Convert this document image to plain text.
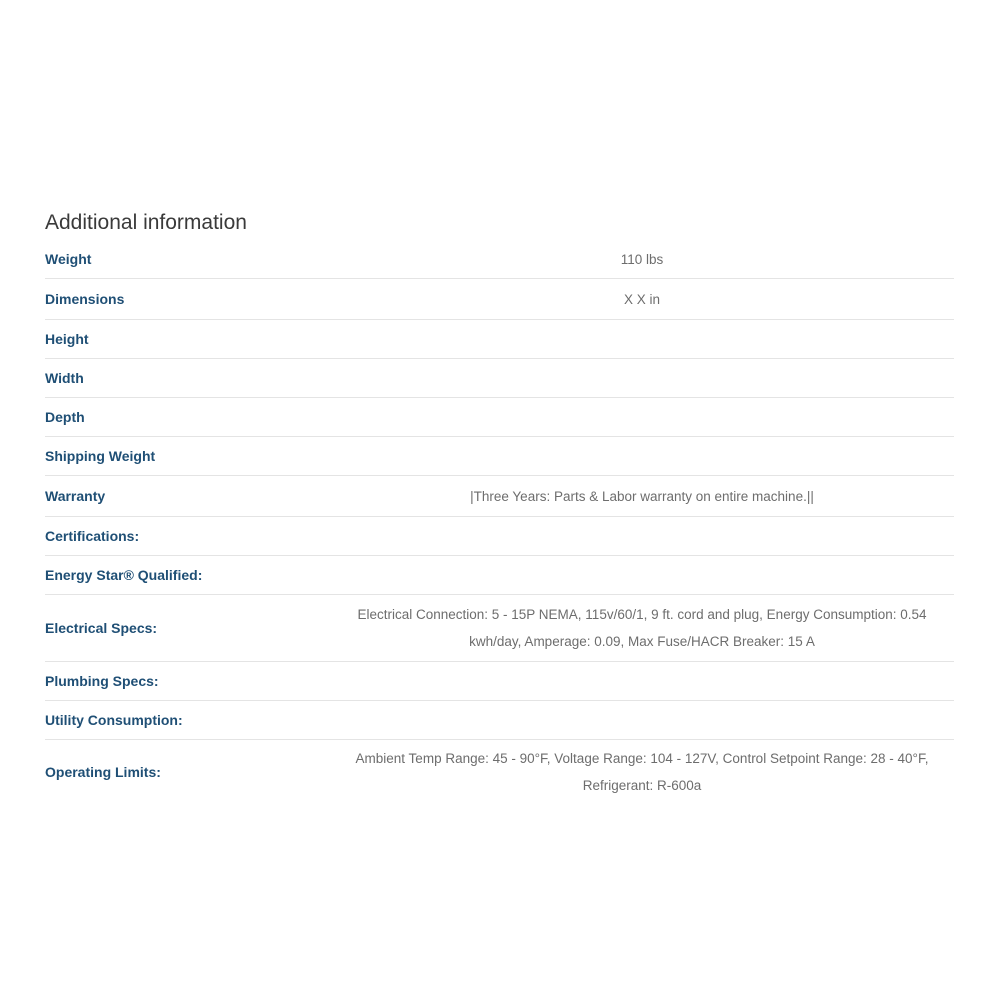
Additional information
Weight	110 lbs
Dimensions	X X in
Height	
Width	
Depth	
Shipping Weight	
Warranty	|Three Years: Parts & Labor warranty on entire machine.||
Certifications:	
Energy Star® Qualified:	
Electrical Specs:	Electrical Connection: 5 - 15P NEMA, 115v/60/1, 9 ft. cord and plug, Energy Consumption: 0.54 kwh/day, Amperage: 0.09, Max Fuse/HACR Breaker: 15 A
Plumbing Specs:	
Utility Consumption:	
Operating Limits:	Ambient Temp Range: 45 - 90°F, Voltage Range: 104 - 127V, Control Setpoint Range: 28 - 40°F, Refrigerant: R-600a
